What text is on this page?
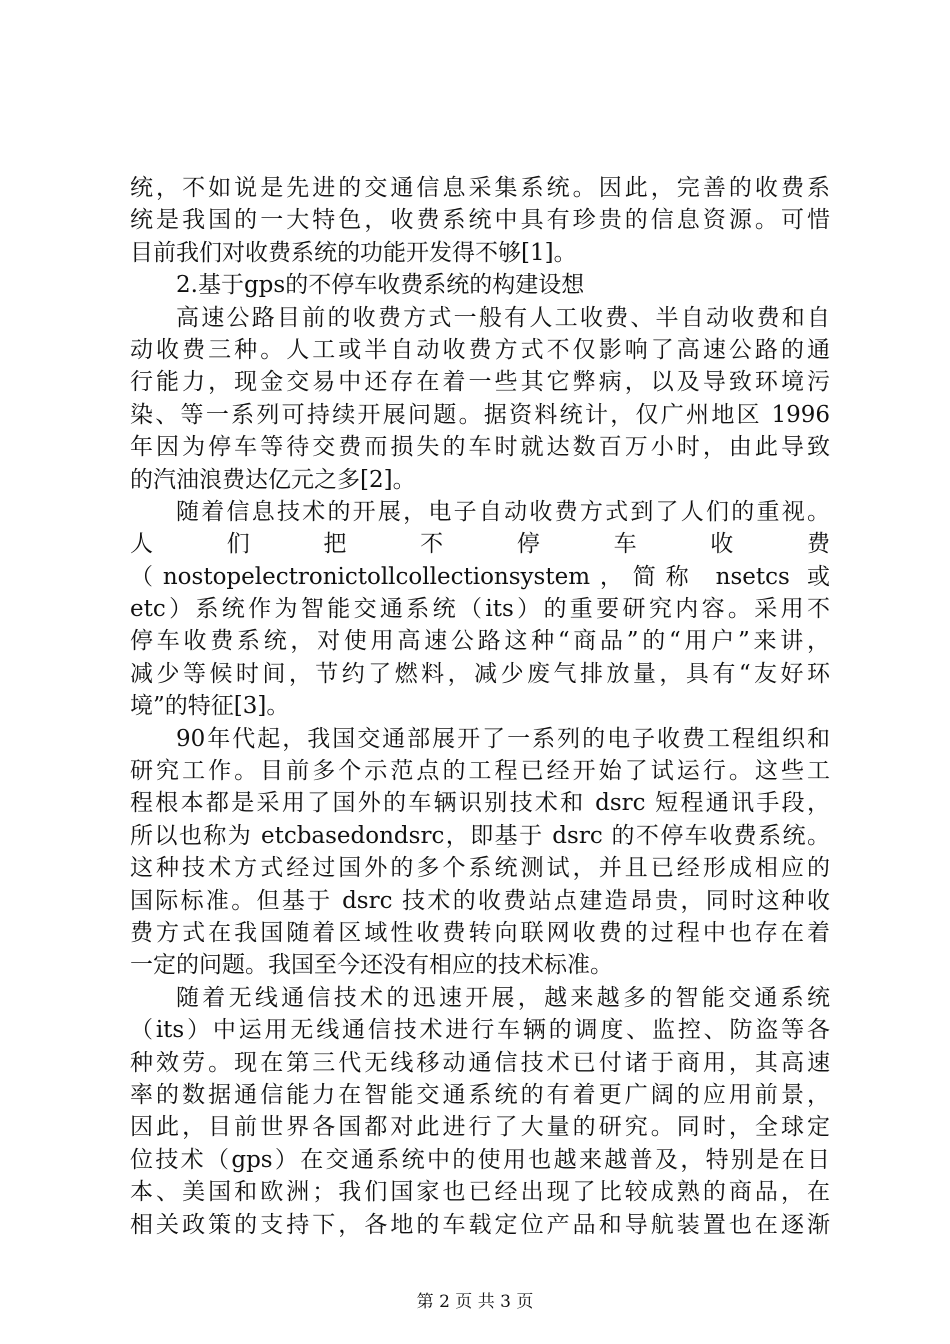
统，不如说是先进的交通信息采集系统。因此，完善的收费系
统是我国的一大特色，收费系统中具有珍贵的信息资源。可惜
目前我们对收费系统的功能开发得不够[1]。
2.基于gps的不停车收费系统的构建设想
高速公路目前的收费方式一般有人工收费、半自动收费和自
动收费三种。人工或半自动收费方式不仅影响了高速公路的通
行能力，现金交易中还存在着一些其它弊病，以及导致环境污
染、等一系列可持续开展问题。据资料统计，仅广州地区 1996
年因为停车等待交费而损失的车时就达数百万小时，由此导致
的汽油浪费达亿元之多[2]。
随着信息技术的开展，电子自动收费方式到了人们的重视。
人们把不停车收费
（nostopelectronictollcollectionsystem，简称 nsetcs 或
etc）系统作为智能交通系统（its）的重要研究内容。采用不
停车收费系统，对使用高速公路这种“商品”的“用户”来讲，
减少等候时间，节约了燃料，减少废气排放量，具有“友好环
境”的特征[3]。
90年代起，我国交通部展开了一系列的电子收费工程组织和
研究工作。目前多个示范点的工程已经开始了试运行。这些工
程根本都是采用了国外的车辆识别技术和 dsrc 短程通讯手段，
所以也称为 etcbasedondsrc，即基于 dsrc 的不停车收费系统。
这种技术方式经过国外的多个系统测试，并且已经形成相应的
国际标准。但基于 dsrc 技术的收费站点建造昂贵，同时这种收
费方式在我国随着区域性收费转向联网收费的过程中也存在着
一定的问题。我国至今还没有相应的技术标准。
随着无线通信技术的迅速开展，越来越多的智能交通系统
（its）中运用无线通信技术进行车辆的调度、监控、防盗等各
种效劳。现在第三代无线移动通信技术已付诸于商用，其高速
率的数据通信能力在智能交通系统的有着更广阔的应用前景，
因此，目前世界各国都对此进行了大量的研究。同时，全球定
位技术（gps）在交通系统中的使用也越来越普及，特别是在日
本、美国和欧洲；我们国家也已经出现了比较成熟的商品，在
相关政策的支持下，各地的车载定位产品和导航装置也在逐渐
第 2 页 共 3 页
